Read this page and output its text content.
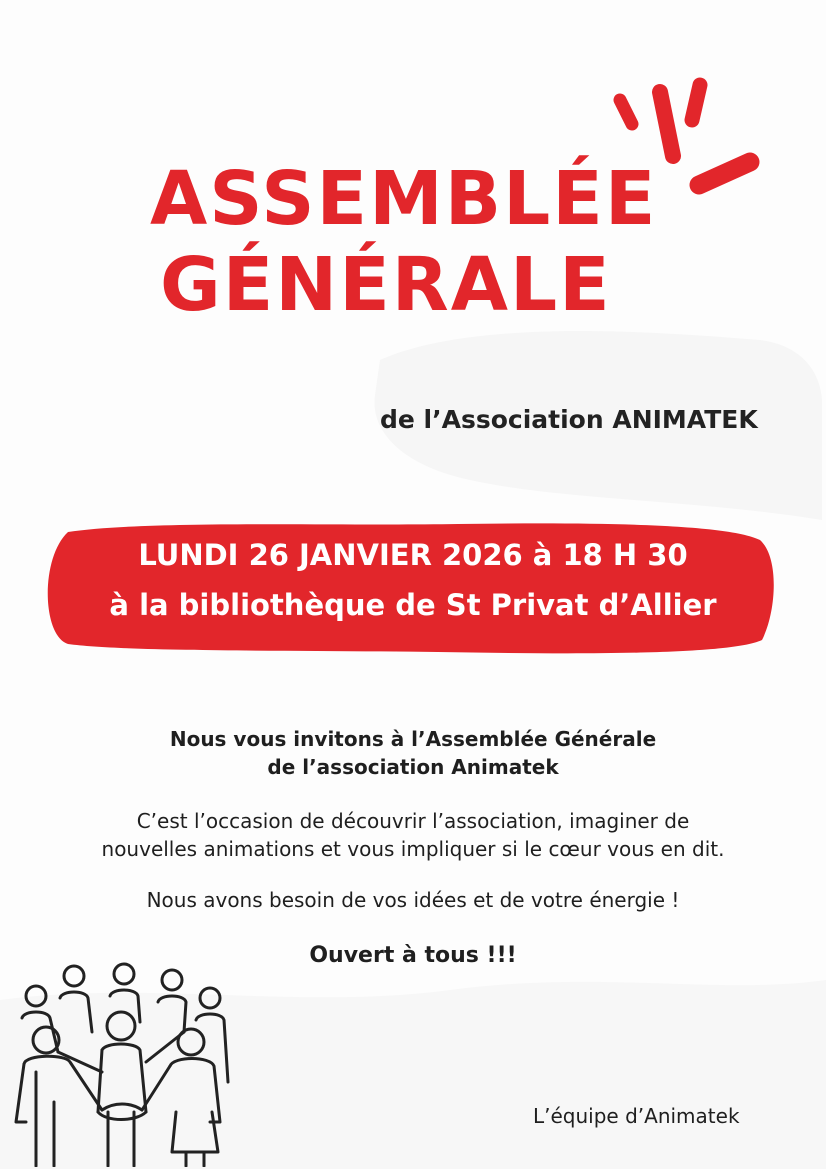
ASSEMBLÉE
GÉNÉRALE
de l’Association ANIMATEK
LUNDI 26 JANVIER 2026 à 18 H 30
à la bibliothèque de St Privat d’Allier
Nous vous invitons à l’Assemblée Générale
de l’association Animatek
C’est l’occasion de découvrir l’association, imaginer de
nouvelles animations et vous impliquer si le cœur vous en dit.
Nous avons besoin de vos idées et de votre énergie !
Ouvert à tous !!!
L’équipe d’Animatek
